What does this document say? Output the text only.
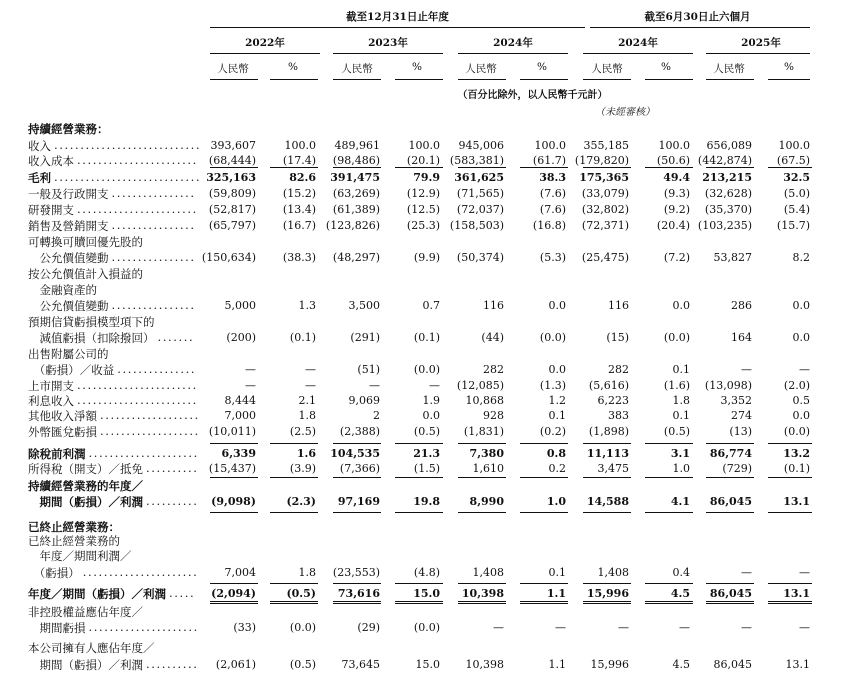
截至12月31日止年度	截至6月30日止六個月
2022年	2023年	2024年	2024年	2025年
人民幣	%	人民幣	%	人民幣	%	人民幣	%	人民幣	%
（百分比除外，以人民幣千元計）
（未經審核）
持續經營業務：
收入 ............................ 393,607	100.0 489,961	100.0 945,006	100.0 355,185	100.0 656,089 100.0
收入成本 ....................... (68,444) (17.4) (98,486) (20.1) (583,381)	(61.7) (179,820)	(50.6) (442,874) (67.5)
毛利 ............................ 325,163	82.6 391,475	79.9 361,625	38.3 175,365	49.4 213,215	32.5
一般及行政開支 ................ (59,809) (15.2) (63,269) (12.9) (71,565)	(7.6) (33,079)	(9.3) (32,628)	(5.0)
研發開支 ....................... (52,817) (13.4) (61,389) (12.5) (72,037)	(7.6) (32,802)	(9.2) (35,370)	(5.4)
銷售及營銷開支 ................ (65,797) (16.7) (123,826) (25.3) (158,503)	(16.8) (72,371)	(20.4) (103,235) (15.7)
可轉換可贖回優先股的
　公允價值變動 ................ (150,634) (38.3) (48,297)	(9.9) (50,374)	(5.3) (25,475)	(7.2) 53,827	8.2
按公允價值計入損益的
　金融資產的
　公允價值變動 ................	5,000	1.3	3,500	0.7	116	0.0	116	0.0	286	0.0
預期信貸虧損模型項下的
　減值虧損（扣除撥回） .......	(200)	(0.1)	(291)	(0.1)	(44)	(0.0)	(15)	(0.0)	164	0.0
出售附屬公司的
　（虧損）／收益 ...............	—	—	(51)	(0.0)	282	0.0	282	0.1	—	—
上市開支 .......................	—	—	—	— (12,085)	(1.3) (5,616)	(1.6) (13,098)	(2.0)
利息收入 ....................... 8,444	2.1	9,069	1.9 10,868	1.2	6,223	1.8	3,352	0.5
其他收入淨額 ................... 7,000	1.8	2	0.0	928	0.1	383	0.1	274	0.0
外幣匯兌虧損 ................... (10,011)	(2.5) (2,388)	(0.5) (1,831)	(0.2) (1,898)	(0.5)	(13)	(0.0)
除稅前利潤 ..................... 6,339	1.6 104,535	21.3	7,380	0.8 11,113	3.1 86,774	13.2
所得稅（開支）／抵免 .......... (15,437)	(3.9) (7,366)	(1.5)	1,610	0.2	3,475	1.0	(729)	(0.1)
持續經營業務的年度／
　期間（虧損）／利潤 .......... (9,098)	(2.3) 97,169	19.8	8,990	1.0 14,588	4.1 86,045	13.1
已終止經營業務的
　年度／期間利潤／
　（虧損） ...................... 7,004	1.8 (23,553)	(4.8)	1,408	0.1	1,408	0.4	—	—
年度／期間（虧損）／利潤 ..... (2,094)	(0.5) 73,616	15.0 10,398	1.1 15,996	4.5 86,045	13.1
非控股權益應佔年度／
　期間虧損 .....................	(33)	(0.0)	(29)	(0.0)	—	—	—	—	—	—
本公司擁有人應佔年度／
　期間（虧損）／利潤 .......... (2,061)	(0.5) 73,645	15.0 10,398	1.1 15,996	4.5 86,045	13.1
已終止經營業務：
